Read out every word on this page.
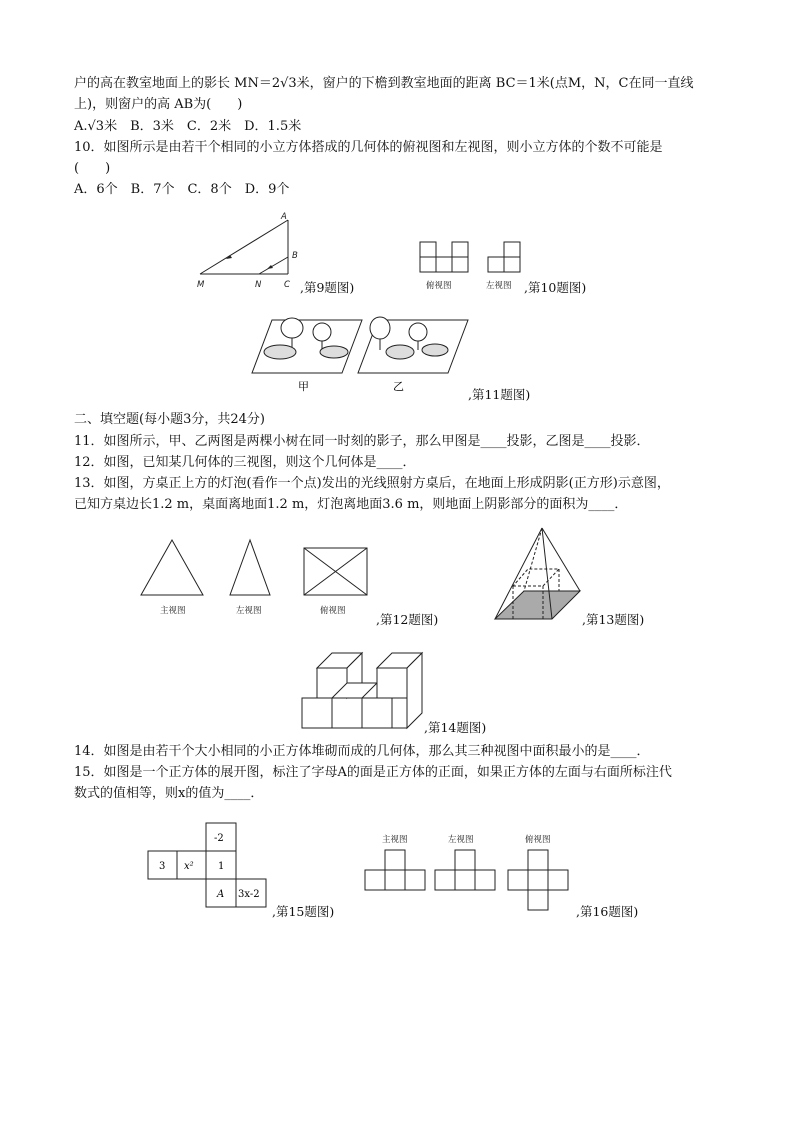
户的高在教室地面上的影长 MN＝2√3米，窗户的下檐到教室地面的距离 BC＝1米(点M，N，C在同一直线
上)，则窗户的高 AB为(　　)
A.√3米　B．3米　C．2米　D．1.5米
10．如图所示是由若干个相同的小立方体搭成的几何体的俯视图和左视图，则小立方体的个数不可能是
(　　)
A．6个　B．7个　C．8个　D．9个
A
B
M	N	C ,第9题图)	俯视图	左视图 ,第10题图)
甲	乙
,第11题图)
二、填空题(每小题3分，共24分)
11．如图所示，甲、乙两图是两棵小树在同一时刻的影子，那么甲图是____投影，乙图是____投影．
12．如图，已知某几何体的三视图，则这个几何体是____．
13．如图，方桌正上方的灯泡(看作一个点)发出的光线照射方桌后，在地面上形成阴影(正方形)示意图，
已知方桌边长1.2 m，桌面离地面1.2 m，灯泡离地面3.6 m，则地面上阴影部分的面积为____．
主视图	左视图	俯视图
,第12题图)	,第13题图)
,第14题图)
14．如图是由若干个大小相同的小正方体堆砌而成的几何体，那么其三种视图中面积最小的是____．
15．如图是一个正方体的展开图，标注了字母A的面是正方体的正面，如果正方体的左面与右面所标注代
数式的值相等，则x的值为____．
-2
3 x² 1
A 3x-2
,第15题图)
主视图	左视图	俯视图
,第16题图)
